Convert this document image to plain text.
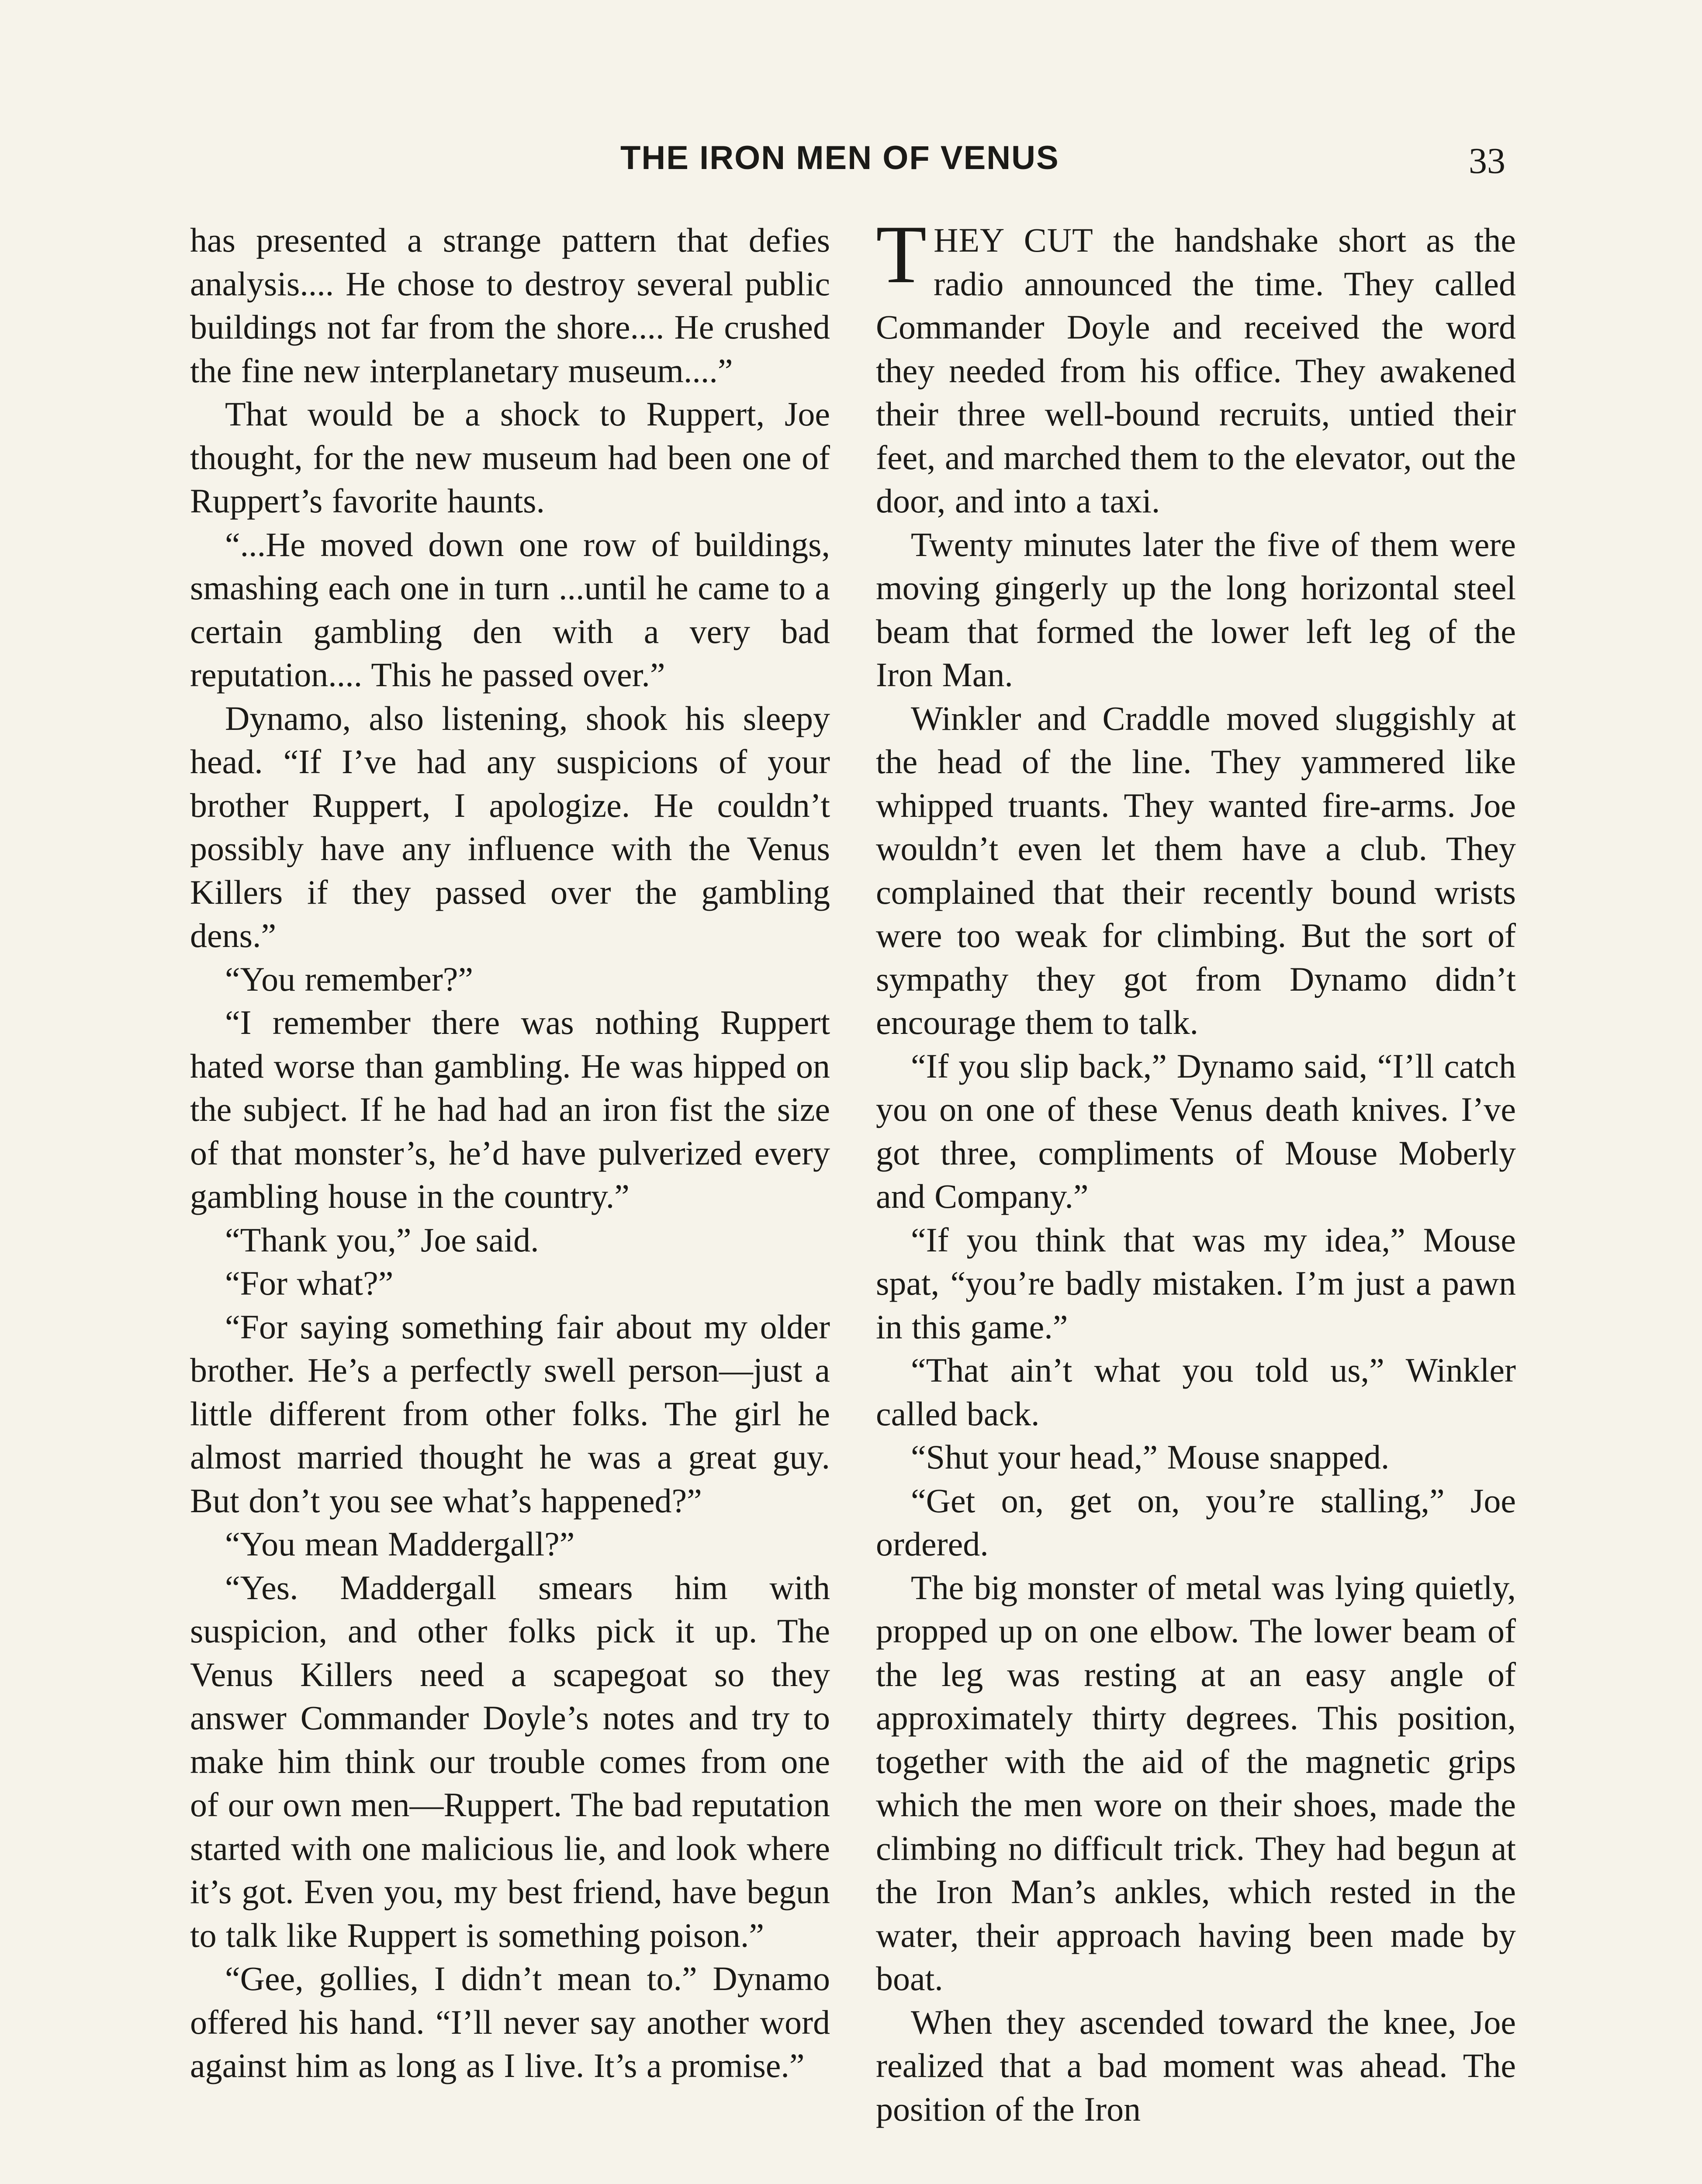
THE IRON MEN OF VENUS	33

has presented a strange pattern that defies analysis.... He chose to destroy several public buildings not far from the shore.... He crushed the fine new interplanetary museum....”

That would be a shock to Ruppert, Joe thought, for the new museum had been one of Ruppert’s favorite haunts.

“...He moved down one row of buildings, smashing each one in turn ...until he came to a certain gambling den with a very bad reputation.... This he passed over.”

Dynamo, also listening, shook his sleepy head. “If I’ve had any suspicions of your brother Ruppert, I apologize. He couldn’t possibly have any influence with the Venus Killers if they passed over the gambling dens.”

“You remember?”

“I remember there was nothing Ruppert hated worse than gambling. He was hipped on the subject. If he had had an iron fist the size of that monster’s, he’d have pulverized every gambling house in the country.”

“Thank you,” Joe said.

“For what?”

“For saying something fair about my older brother. He’s a perfectly swell person—just a little different from other folks. The girl he almost married thought he was a great guy. But don’t you see what’s happened?”

“You mean Maddergall?”

“Yes. Maddergall smears him with suspicion, and other folks pick it up. The Venus Killers need a scapegoat so they answer Commander Doyle’s notes and try to make him think our trouble comes from one of our own men—Ruppert. The bad reputation started with one malicious lie, and look where it’s got. Even you, my best friend, have begun to talk like Ruppert is something poison.”

“Gee, gollies, I didn’t mean to.” Dynamo offered his hand. “I’ll never say another word against him as long as I live. It’s a promise.”

THEY CUT the handshake short as the radio announced the time. They called Commander Doyle and received the word they needed from his office. They awakened their three well-bound recruits, untied their feet, and marched them to the elevator, out the door, and into a taxi.

Twenty minutes later the five of them were moving gingerly up the long horizontal steel beam that formed the lower left leg of the Iron Man.

Winkler and Craddle moved sluggishly at the head of the line. They yammered like whipped truants. They wanted fire-arms. Joe wouldn’t even let them have a club. They complained that their recently bound wrists were too weak for climbing. But the sort of sympathy they got from Dynamo didn’t encourage them to talk.

“If you slip back,” Dynamo said, “I’ll catch you on one of these Venus death knives. I’ve got three, compliments of Mouse Moberly and Company.”

“If you think that was my idea,” Mouse spat, “you’re badly mistaken. I’m just a pawn in this game.”

“That ain’t what you told us,” Winkler called back.

“Shut your head,” Mouse snapped.

“Get on, get on, you’re stalling,” Joe ordered.

The big monster of metal was lying quietly, propped up on one elbow. The lower beam of the leg was resting at an easy angle of approximately thirty degrees. This position, together with the aid of the magnetic grips which the men wore on their shoes, made the climbing no difficult trick. They had begun at the Iron Man’s ankles, which rested in the water, their approach having been made by boat.

When they ascended toward the knee, Joe realized that a bad moment was ahead. The position of the Iron
